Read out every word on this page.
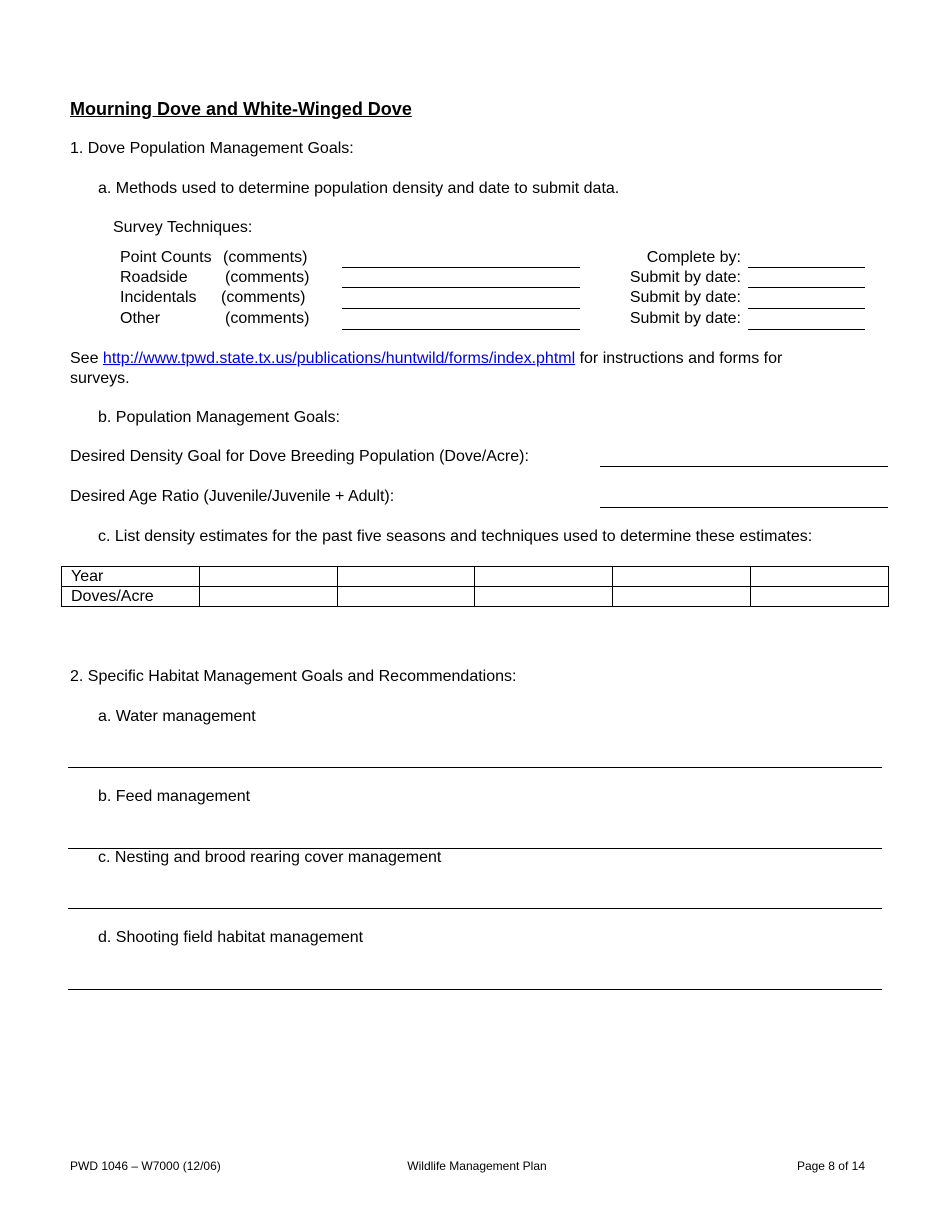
Mourning Dove and White-Winged Dove
1. Dove Population Management Goals:
a. Methods used to determine population density and date to submit data.
Survey Techniques:
Point Counts (comments)	Complete by:
Roadside (comments)	Submit by date:
Incidentals (comments)	Submit by date:
Other	(comments)	Submit by date:
See http://www.tpwd.state.tx.us/publications/huntwild/forms/index.phtml for instructions and forms for
surveys.
b. Population Management Goals:
Desired Density Goal for Dove Breeding Population (Dove/Acre):
Desired Age Ratio (Juvenile/Juvenile + Adult):
c. List density estimates for the past five seasons and techniques used to determine these estimates:
Year					
Doves/Acre					
2. Specific Habitat Management Goals and Recommendations:
a. Water management
b. Feed management
c. Nesting and brood rearing cover management
d. Shooting field habitat management
PWD 1046 – W7000 (12/06)	Wildlife Management Plan	Page 8 of 14
